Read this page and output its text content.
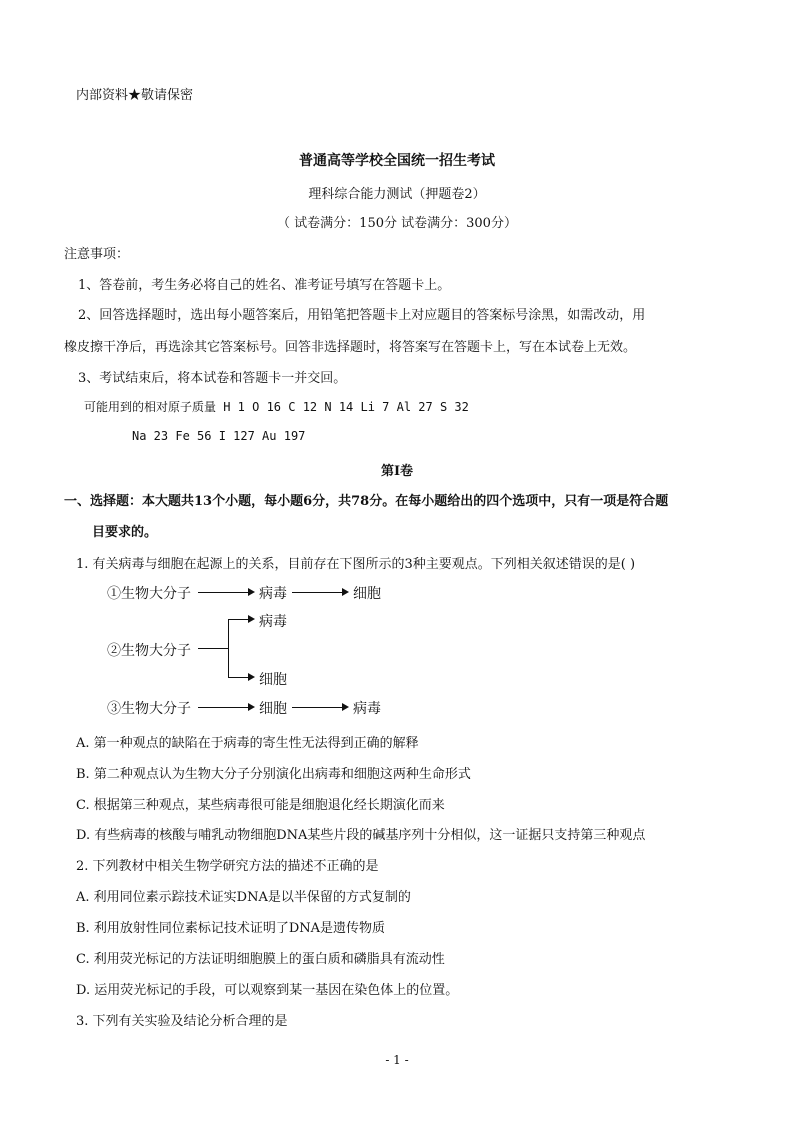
内部资料★敬请保密
普通高等学校全国统一招生考试
理科综合能力测试（押题卷2）
（ 试卷满分：150分 试卷满分：300分）
注意事项：
1、答卷前，考生务必将自己的姓名、准考证号填写在答题卡上。
2、回答选择题时，选出每小题答案后，用铅笔把答题卡上对应题目的答案标号涂黑，如需改动，用
橡皮擦干净后，再选涂其它答案标号。回答非选择题时，将答案写在答题卡上，写在本试卷上无效。
3、考试结束后，将本试卷和答题卡一并交回。
可能用到的相对原子质量 H 1 O 16 C 12 N 14 Li 7 Al 27 S 32
Na 23 Fe 56 I 127 Au 197
第Ⅰ卷
一、选择题：本大题共13个小题，每小题6分，共78分。在每小题给出的四个选项中，只有一项是符合题
目要求的。
1. 有关病毒与细胞在起源上的关系，目前存在下图所示的3种主要观点。下列相关叙述错误的是( )
①生物大分子	病毒	细胞
②生物大分子
病毒
细胞
③生物大分子	细胞	病毒
A. 第一种观点的缺陷在于病毒的寄生性无法得到正确的解释
B. 第二种观点认为生物大分子分别演化出病毒和细胞这两种生命形式
C. 根据第三种观点，某些病毒很可能是细胞退化经长期演化而来
D. 有些病毒的核酸与哺乳动物细胞DNA某些片段的碱基序列十分相似，这一证据只支持第三种观点
2. 下列教材中相关生物学研究方法的描述不正确的是
A. 利用同位素示踪技术证实DNA是以半保留的方式复制的
B. 利用放射性同位素标记技术证明了DNA是遗传物质
C. 利用荧光标记的方法证明细胞膜上的蛋白质和磷脂具有流动性
D. 运用荧光标记的手段，可以观察到某一基因在染色体上的位置。
3. 下列有关实验及结论分析合理的是
- 1 -
